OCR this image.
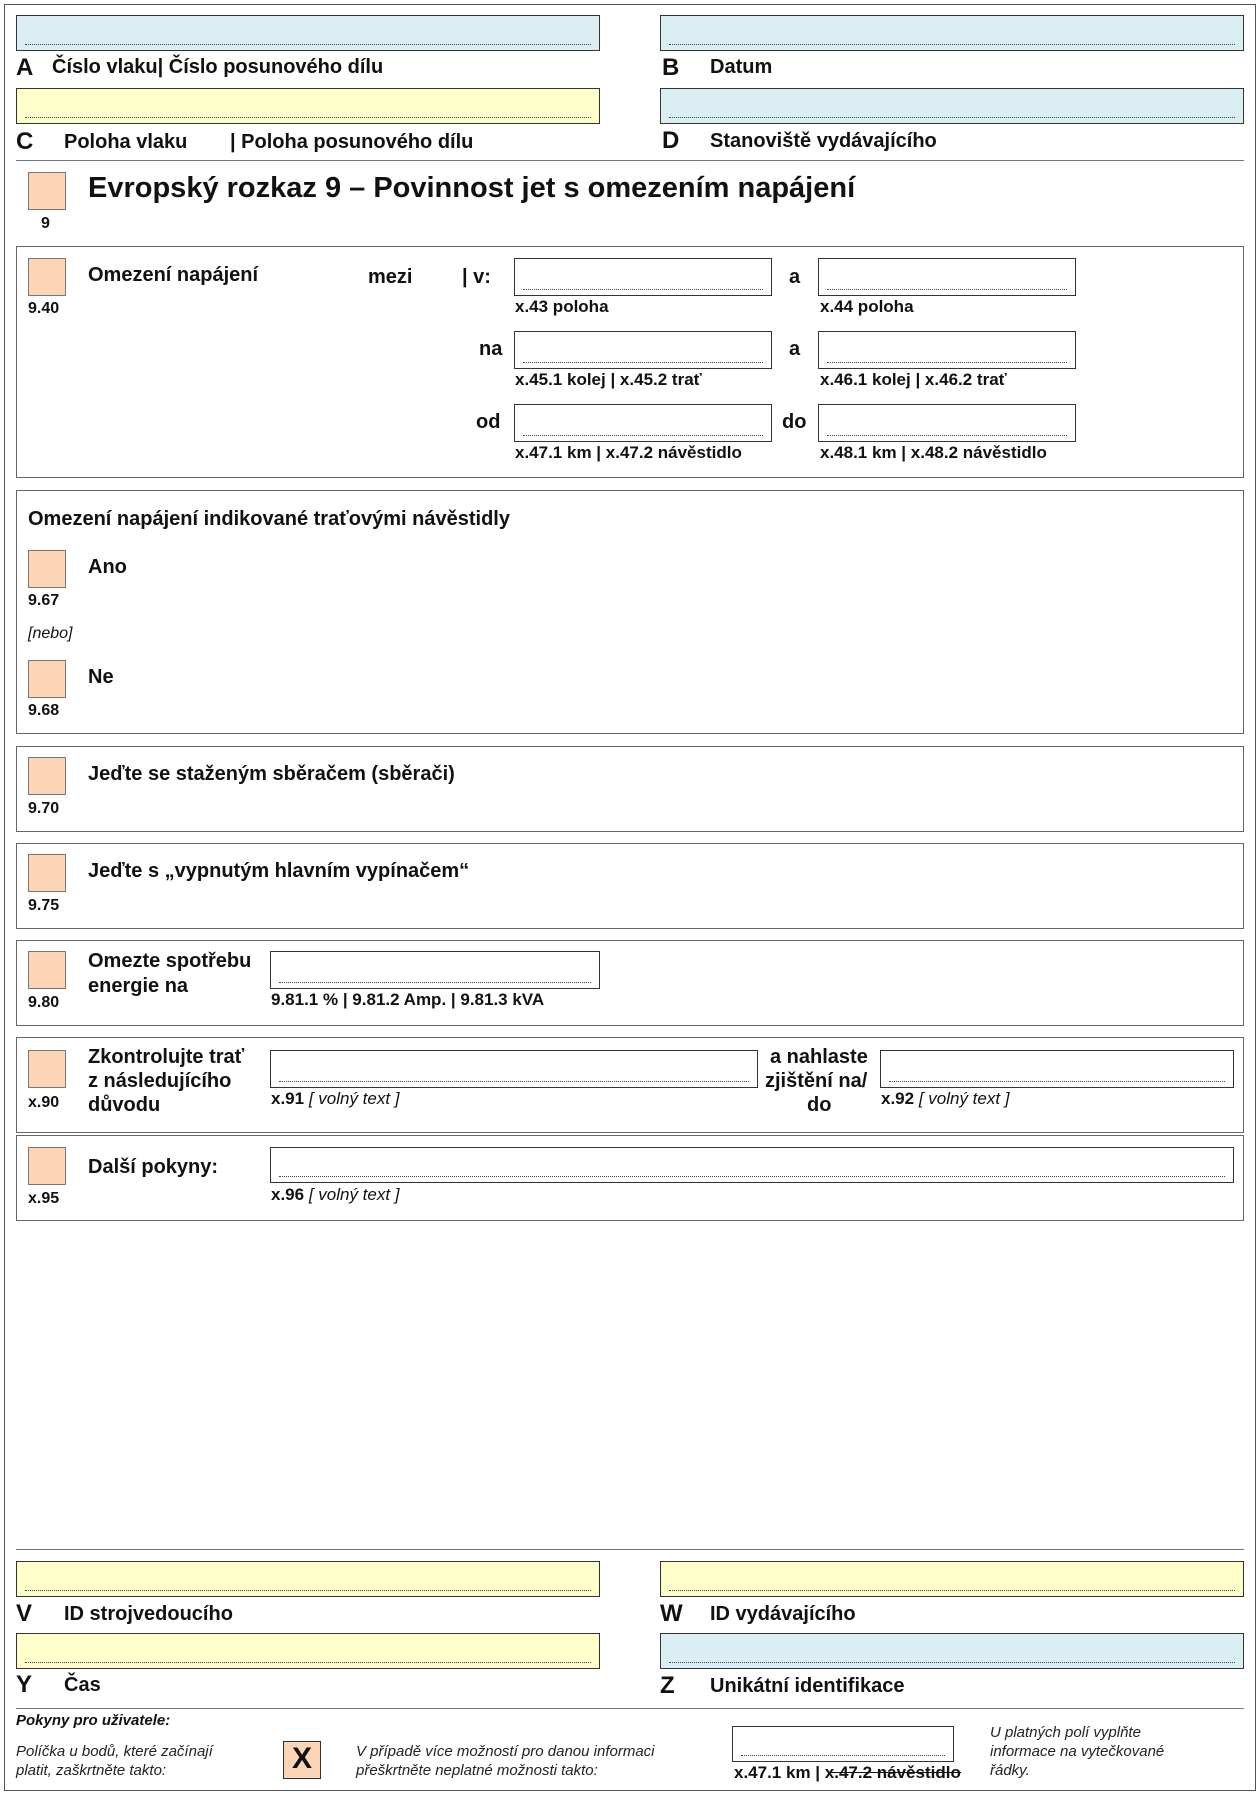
A Číslo vlaku| Číslo posunového dílu	B Datum
C Poloha vlaku | Poloha posunového dílu	D Stanoviště vydávajícího
9
Evropský rozkaz 9 – Povinnost jet s omezením napájení
9.40
Omezení napájení	mezi | v:	a
x.43 poloha	x.44 poloha
na	a
x.45.1 kolej | x.45.2 trať	x.46.1 kolej | x.46.2 trať
od	do
x.47.1 km | x.47.2 návěstidlo	x.48.1 km | x.48.2 návěstidlo
Omezení napájení indikované traťovými návěstidly
Ano
9.67
[nebo]
Ne
9.68
Jeďte se staženým sběračem (sběrači)
9.70
Jeďte s „vypnutým hlavním vypínačem“
9.75
Omezte spotřebu
energie na
9.80	9.81.1 % | 9.81.2 Amp. | 9.81.3 kVA
Zkontrolujte trať
z následujícího
důvodu
x.90	x.91 [ volný text ]
a nahlaste
zjištění na/
do	x.92 [ volný text ]
Další pokyny:
x.95	x.96 [ volný text ]
V ID strojvedoucího	W ID vydávajícího
Y Čas	Z Unikátní identifikace
Pokyny pro uživatele:
Políčka u bodů, které začínají
platit, zaškrtněte takto:	X	V případě více možností pro danou informaci
přeškrtněte neplatné možnosti takto:	x.47.1 km | x.47.2 návěstidlo
U platných polí vyplňte
informace na vytečkované
řádky.
